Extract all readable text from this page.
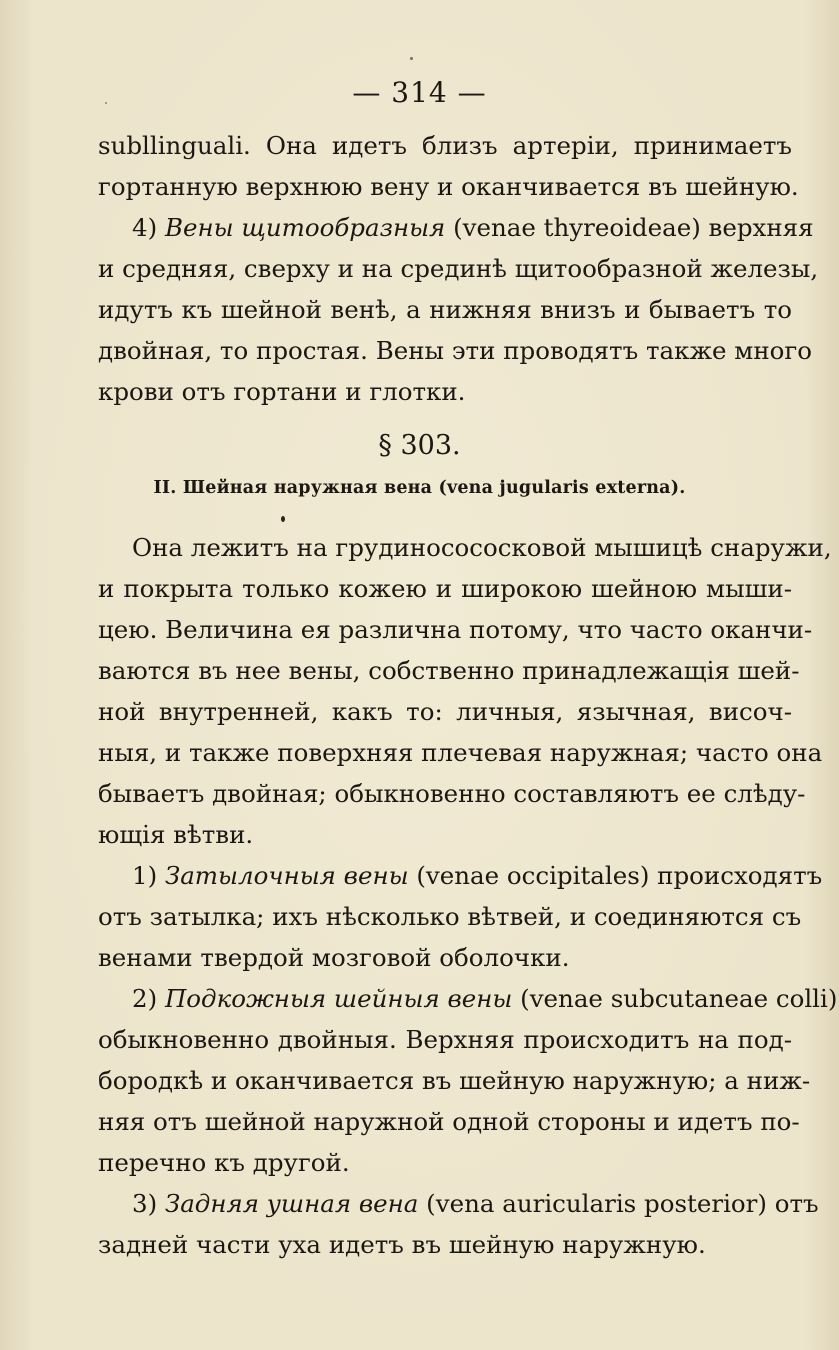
— 314 —
subllinguali. Она идетъ близъ артеріи, принимаетъ
гортанную верхнюю вену и оканчивается въ шейную.
4) Вены щитообразныя (venae thyreoideae) верхняя
и средняя, сверху и на срединѣ щитообразной железы,
идутъ къ шейной венѣ, а нижняя внизъ и бываетъ то
двойная, то простая. Вены эти проводятъ также много
крови отъ гортани и глотки.
§ 303.
II. Шейная наружная вена (vena jugularis externa).
Она лежитъ на грудиносососковой мышицѣ снаружи,
и покрыта только кожею и широкою шейною мыши-
цею. Величина ея различна потому, что часто оканчи-
ваются въ нее вены, собственно принадлежащія шей-
ной внутренней, какъ то: личныя, язычная, височ-
ныя, и также поверхняя плечевая наружная; часто она
бываетъ двойная; обыкновенно составляютъ ее слѣду-
ющія вѣтви.
1) Затылочныя вены (venae occipitales) происходятъ
отъ затылка; ихъ нѣсколько вѣтвей, и соединяются съ
венами твердой мозговой оболочки.
2) Подкожныя шейныя вены (venae subcutaneae colli)
обыкновенно двойныя. Верхняя происходитъ на под-
бородкѣ и оканчивается въ шейную наружную; а ниж-
няя отъ шейной наружной одной стороны и идетъ по-
перечно къ другой.
3) Задняя ушная вена (vena auricularis posterior) отъ
задней части уха идетъ въ шейную наружную.
